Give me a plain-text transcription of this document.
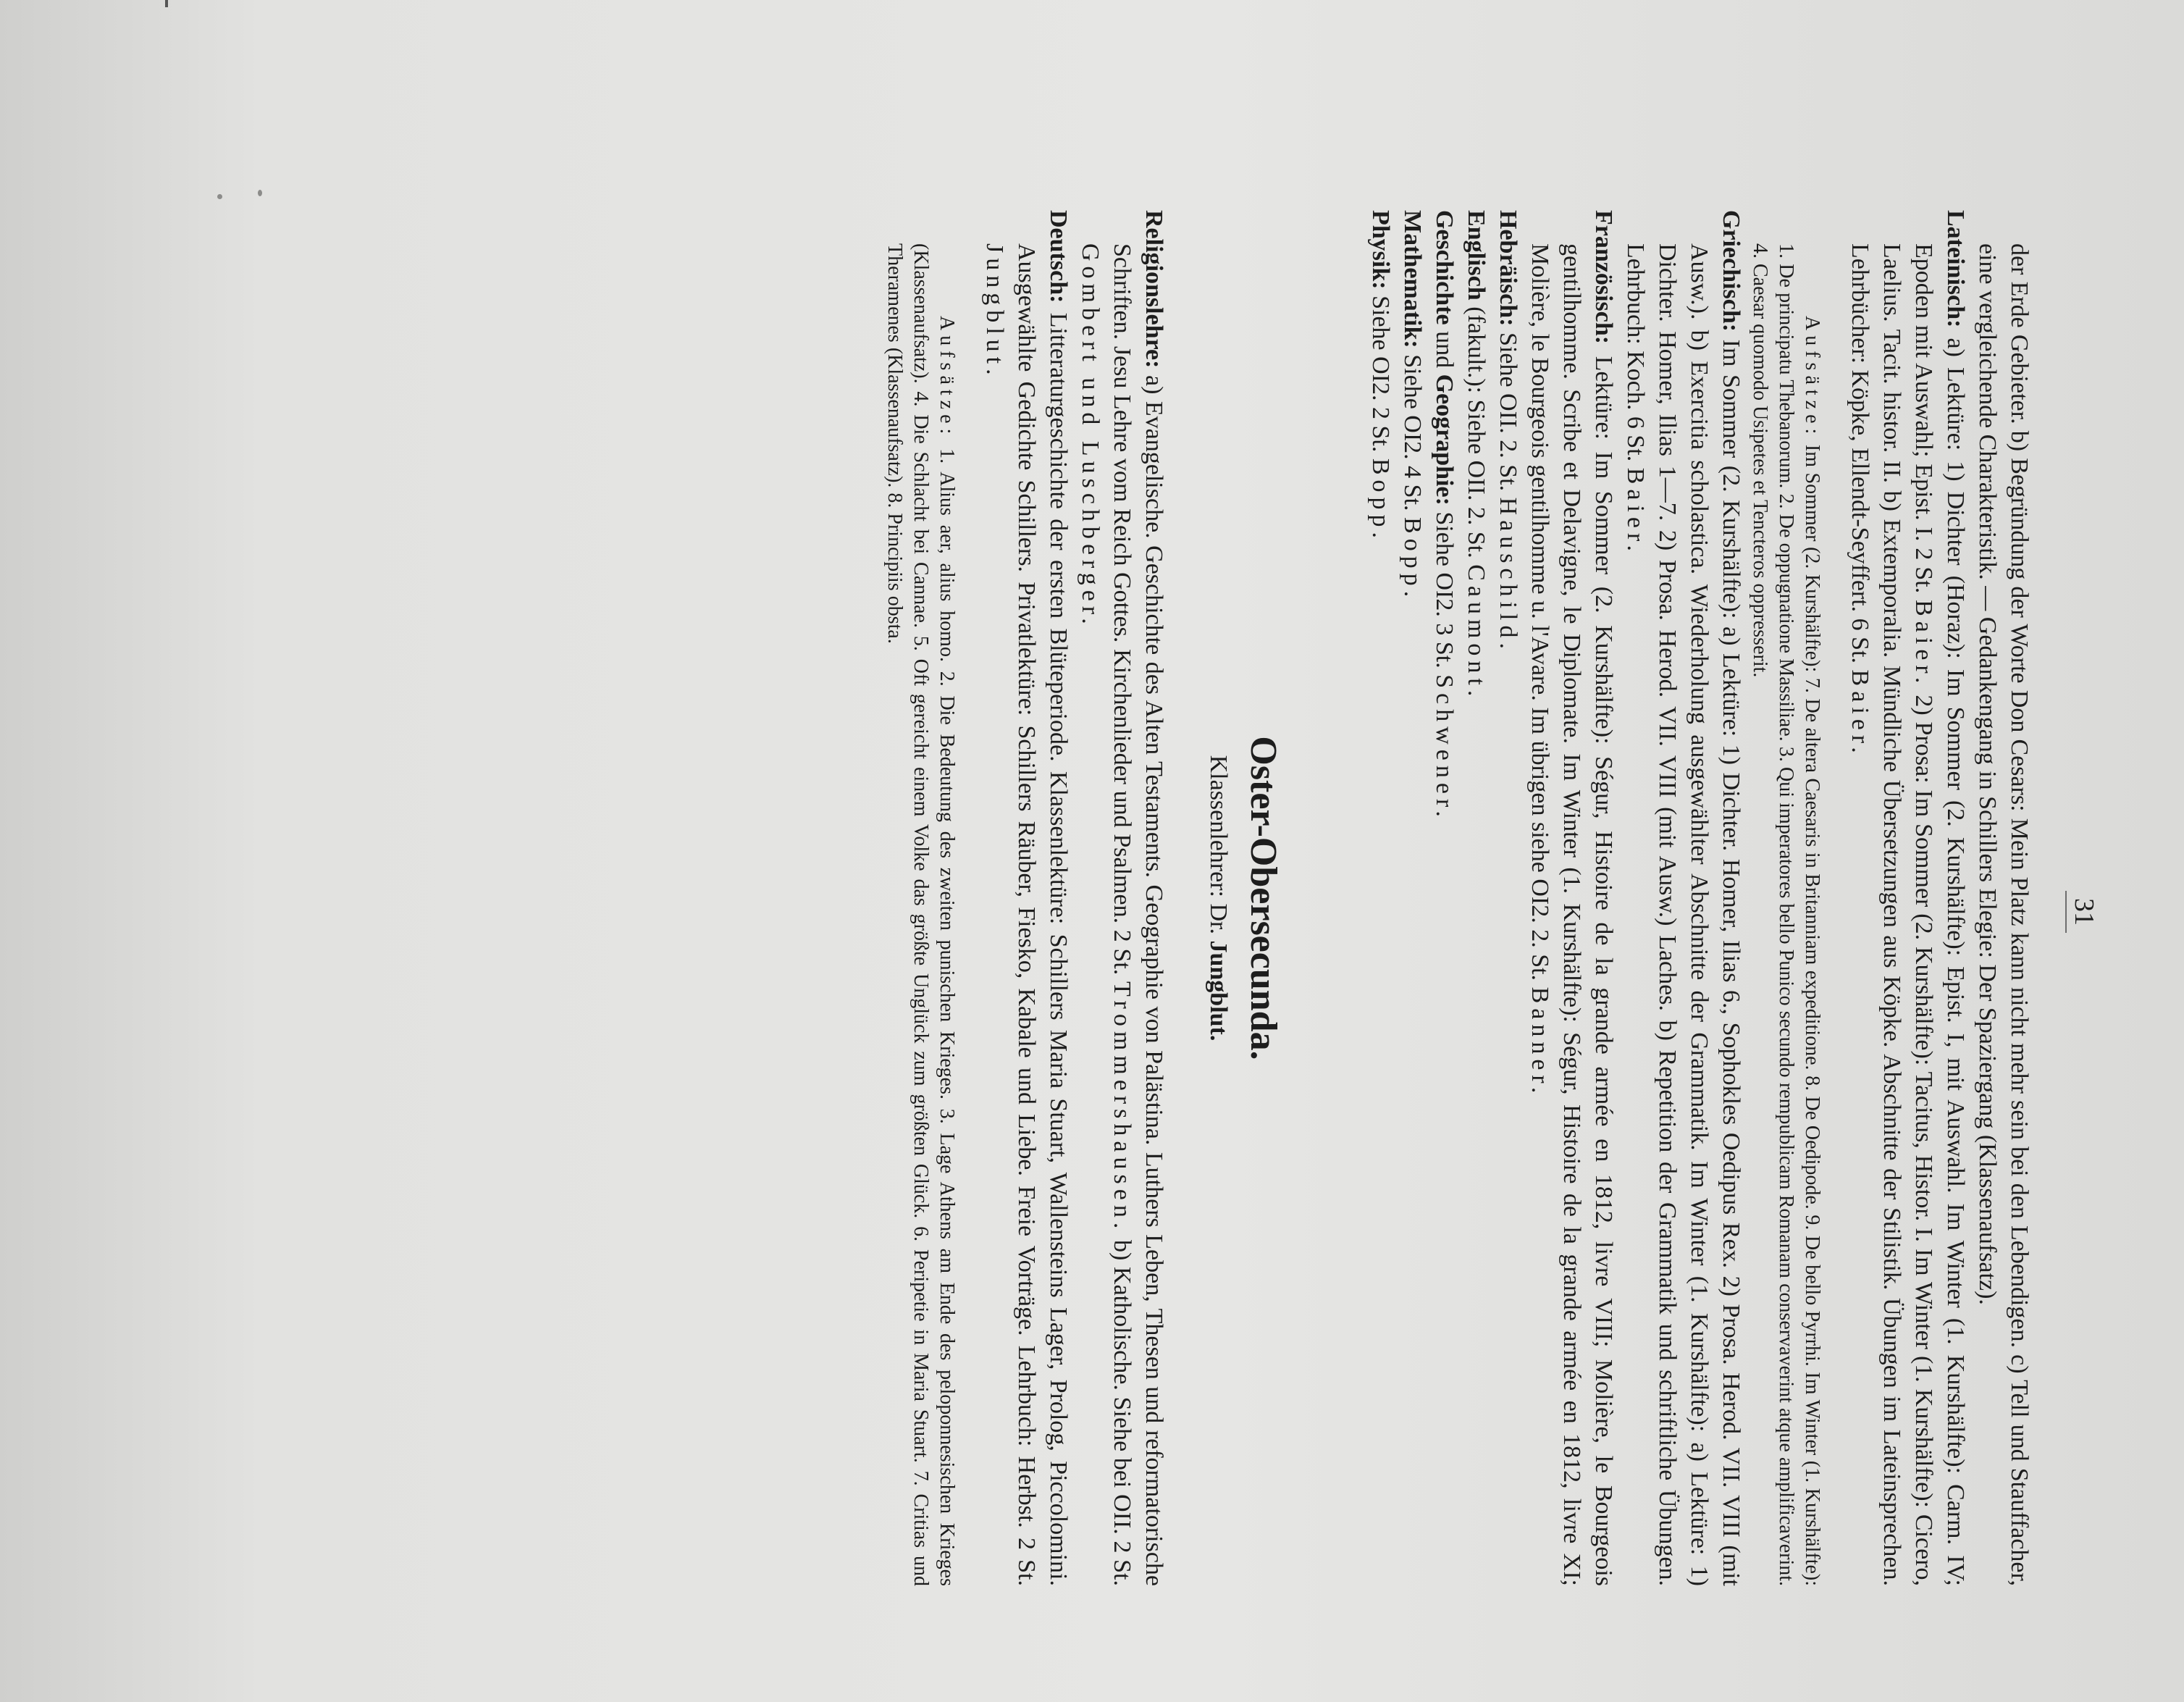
31

der Erde Gebieter. b) Begründung der Worte Don Cesars: Mein Platz kann nicht mehr sein bei den Lebendigen. c) Tell und Stauffacher, eine vergleichende Charakteristik. — Gedankengang in Schillers Elegie: Der Spaziergang (Klassenaufsatz).

Lateinisch: a) Lektüre: 1) Dichter (Horaz): Im Sommer (2. Kurshälfte): Epist. I, mit Auswahl. Im Winter (1. Kurshälfte): Carm. IV; Epoden mit Auswahl; Epist. I. 2 St. Baier. 2) Prosa: Im Sommer (2. Kurshälfte): Tacitus, Histor. I. Im Winter (1. Kurshälfte): Cicero, Laelius. Tacit. histor. II. b) Extemporalia. Mündliche Übersetzungen aus Köpke. Abschnitte der Stilistik. Übungen im Lateinsprechen. Lehrbücher: Köpke, Ellendt-Seyffert. 6 St. Baier.

Aufsätze: Im Sommer (2. Kurshälfte): 7. De altera Caesaris in Britanniam expeditione. 8. De Oedipode. 9. De bello Pyrrhi. Im Winter (1. Kurshälfte): 1. De principatu Thebanorum. 2. De oppugnatione Massiliae. 3. Qui imperatores bello Punico secundo rempublicam Romanam conservaverint atque amplificaverint. 4. Caesar quomodo Usipetes et Tencteros oppresserit.

Griechisch: Im Sommer (2. Kurshälfte): a) Lektüre: 1) Dichter. Homer, Ilias 6., Sophokles Oedipus Rex. 2) Prosa. Herod. VII. VIII (mit Ausw.). b) Exercitia scholastica. Wiederholung ausgewählter Abschnitte der Grammatik. Im Winter (1. Kurshälfte): a) Lektüre: 1) Dichter. Homer, Ilias 1—7. 2) Prosa. Herod. VII. VIII (mit Ausw.) Laches. b) Repetition der Grammatik und schriftliche Übungen. Lehrbuch: Koch. 6 St. Baier.

Französisch: Lektüre: Im Sommer (2. Kurshälfte): Ségur, Histoire de la grande armée en 1812, livre VIII; Molière, le Bourgeois gentilhomme. Scribe et Delavigne, le Diplomate. Im Winter (1. Kurshälfte): Ségur, Histoire de la grande armée en 1812, livre XI; Molière, le Bourgeois gentilhomme u. l'Avare. Im übrigen siehe OI2. 2. St. Banner.

Hebräisch: Siehe OII. 2. St. Hauschild.

Englisch (fakult.): Siehe OII. 2. St. Caumont.

Geschichte und Geographie: Siehe OI2. 3 St. Schwener.

Mathematik: Siehe OI2. 4 St. Bopp.

Physik: Siehe OI2. 2 St. Bopp.

Oster-Obersecunda.
Klassenlehrer: Dr. Jungblut.

Religionslehre: a) Evangelische. Geschichte des Alten Testaments. Geographie von Palästina. Luthers Leben, Thesen und reformatorische Schriften. Jesu Lehre vom Reich Gottes. Kirchenlieder und Psalmen. 2 St. Trommershausen. b) Katholische. Siehe bei OII. 2 St. Gombert und Luschberger.

Deutsch: Litteraturgeschichte der ersten Blüteperiode. Klassenlektüre: Schillers Maria Stuart, Wallensteins Lager, Prolog, Piccolomini. Ausgewählte Gedichte Schillers. Privatlektüre: Schillers Räuber, Fiesko, Kabale und Liebe. Freie Vorträge. Lehrbuch: Herbst. 2 St. Jungblut.

Aufsätze: 1. Alius aer, alius homo. 2. Die Bedeutung des zweiten punischen Krieges. 3. Lage Athens am Ende des peloponnesischen Krieges (Klassenaufsatz). 4. Die Schlacht bei Cannae. 5. Oft gereicht einem Volke das größte Unglück zum größten Glück. 6. Peripetie in Maria Stuart. 7. Critias und Theramenes (Klassenaufsatz). 8. Principiis obsta.
